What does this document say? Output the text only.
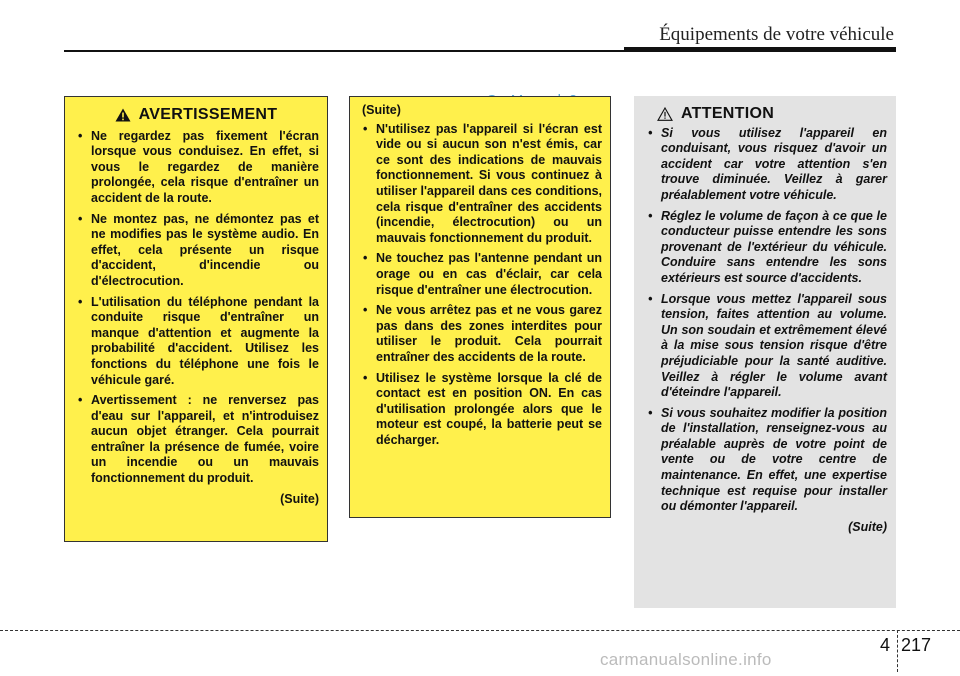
Équipements de votre véhicule
AVERTISSEMENT
• Ne regardez pas fixement l'écran lorsque vous conduisez. En effet, si vous le regardez de manière prolongée, cela risque d'entraîner un accident de la route.
• Ne montez pas, ne démontez pas et ne modifies pas le système audio. En effet, cela présente un risque d'accident, d'incendie ou d'électrocution.
• L'utilisation du téléphone pendant la conduite risque d'entraîner un manque d'attention et augmente la probabilité d'accident. Utilisez les fonctions du téléphone une fois le véhicule garé.
• Avertissement : ne renversez pas d'eau sur l'appareil, et n'introduisez aucun objet étranger. Cela pourrait entraîner la présence de fumée, voire un incendie ou un mauvais fonctionnement du produit.
(Suite)
(Suite)
• N'utilisez pas l'appareil si l'écran est vide ou si aucun son n'est émis, car ce sont des indications de mauvais fonctionnement. Si vous continuez à utiliser l'appareil dans ces conditions, cela risque d'entraîner des accidents (incendie, électrocution) ou un mauvais fonctionnement du produit.
• Ne touchez pas l'antenne pendant un orage ou en cas d'éclair, car cela risque d'entraîner une électrocution.
• Ne vous arrêtez pas et ne vous garez pas dans des zones interdites pour utiliser le produit. Cela pourrait entraîner des accidents de la route.
• Utilisez le système lorsque la clé de contact est en position ON. En cas d'utilisation prolongée alors que le moteur est coupé, la batterie peut se décharger.
ATTENTION
• Si vous utilisez l'appareil en conduisant, vous risquez d'avoir un accident car votre attention s'en trouve diminuée. Veillez à garer préalablement votre véhicule.
• Réglez le volume de façon à ce que le conducteur puisse entendre les sons provenant de l'extérieur du véhicule. Conduire sans entendre les sons extérieurs est source d'accidents.
• Lorsque vous mettez l'appareil sous tension, faites attention au volume. Un son soudain et extrêmement élevé à la mise sous tension risque d'être préjudiciable pour la santé auditive. Veillez à régler le volume avant d'éteindre l'appareil.
• Si vous souhaitez modifier la position de l'installation, renseignez-vous au préalable auprès de votre point de vente ou de votre centre de maintenance. En effet, une expertise technique est requise pour installer ou démonter l'appareil.
(Suite)
4 217
carmanualsonline.info
